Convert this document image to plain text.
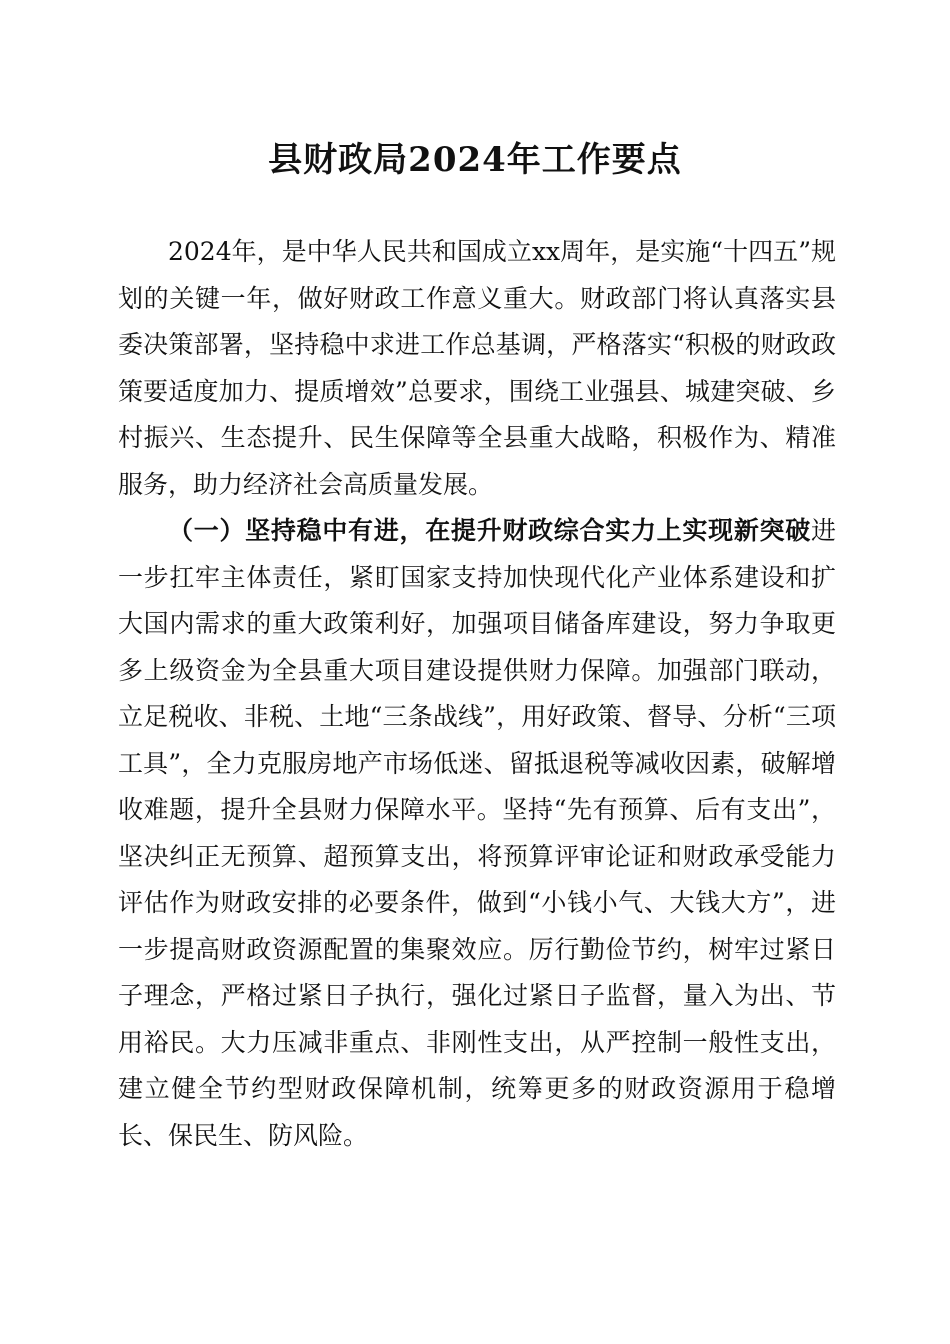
县财政局2024年工作要点

2024年，是中华人民共和国成立xx周年，是实施“十四五”规划的关键一年，做好财政工作意义重大。财政部门将认真落实县委决策部署，坚持稳中求进工作总基调，严格落实“积极的财政政策要适度加力、提质增效”总要求，围绕工业强县、城建突破、乡村振兴、生态提升、民生保障等全县重大战略，积极作为、精准服务，助力经济社会高质量发展。

（一）坚持稳中有进，在提升财政综合实力上实现新突破进一步扛牢主体责任，紧盯国家支持加快现代化产业体系建设和扩大国内需求的重大政策利好，加强项目储备库建设，努力争取更多上级资金为全县重大项目建设提供财力保障。加强部门联动，立足税收、非税、土地“三条战线”，用好政策、督导、分析“三项工具”，全力克服房地产市场低迷、留抵退税等减收因素，破解增收难题，提升全县财力保障水平。坚持“先有预算、后有支出”，坚决纠正无预算、超预算支出，将预算评审论证和财政承受能力评估作为财政安排的必要条件，做到“小钱小气、大钱大方”，进一步提高财政资源配置的集聚效应。厉行勤俭节约，树牢过紧日子理念，严格过紧日子执行，强化过紧日子监督，量入为出、节用裕民。大力压减非重点、非刚性支出，从严控制一般性支出，建立健全节约型财政保障机制，统筹更多的财政资源用于稳增长、保民生、防风险。
